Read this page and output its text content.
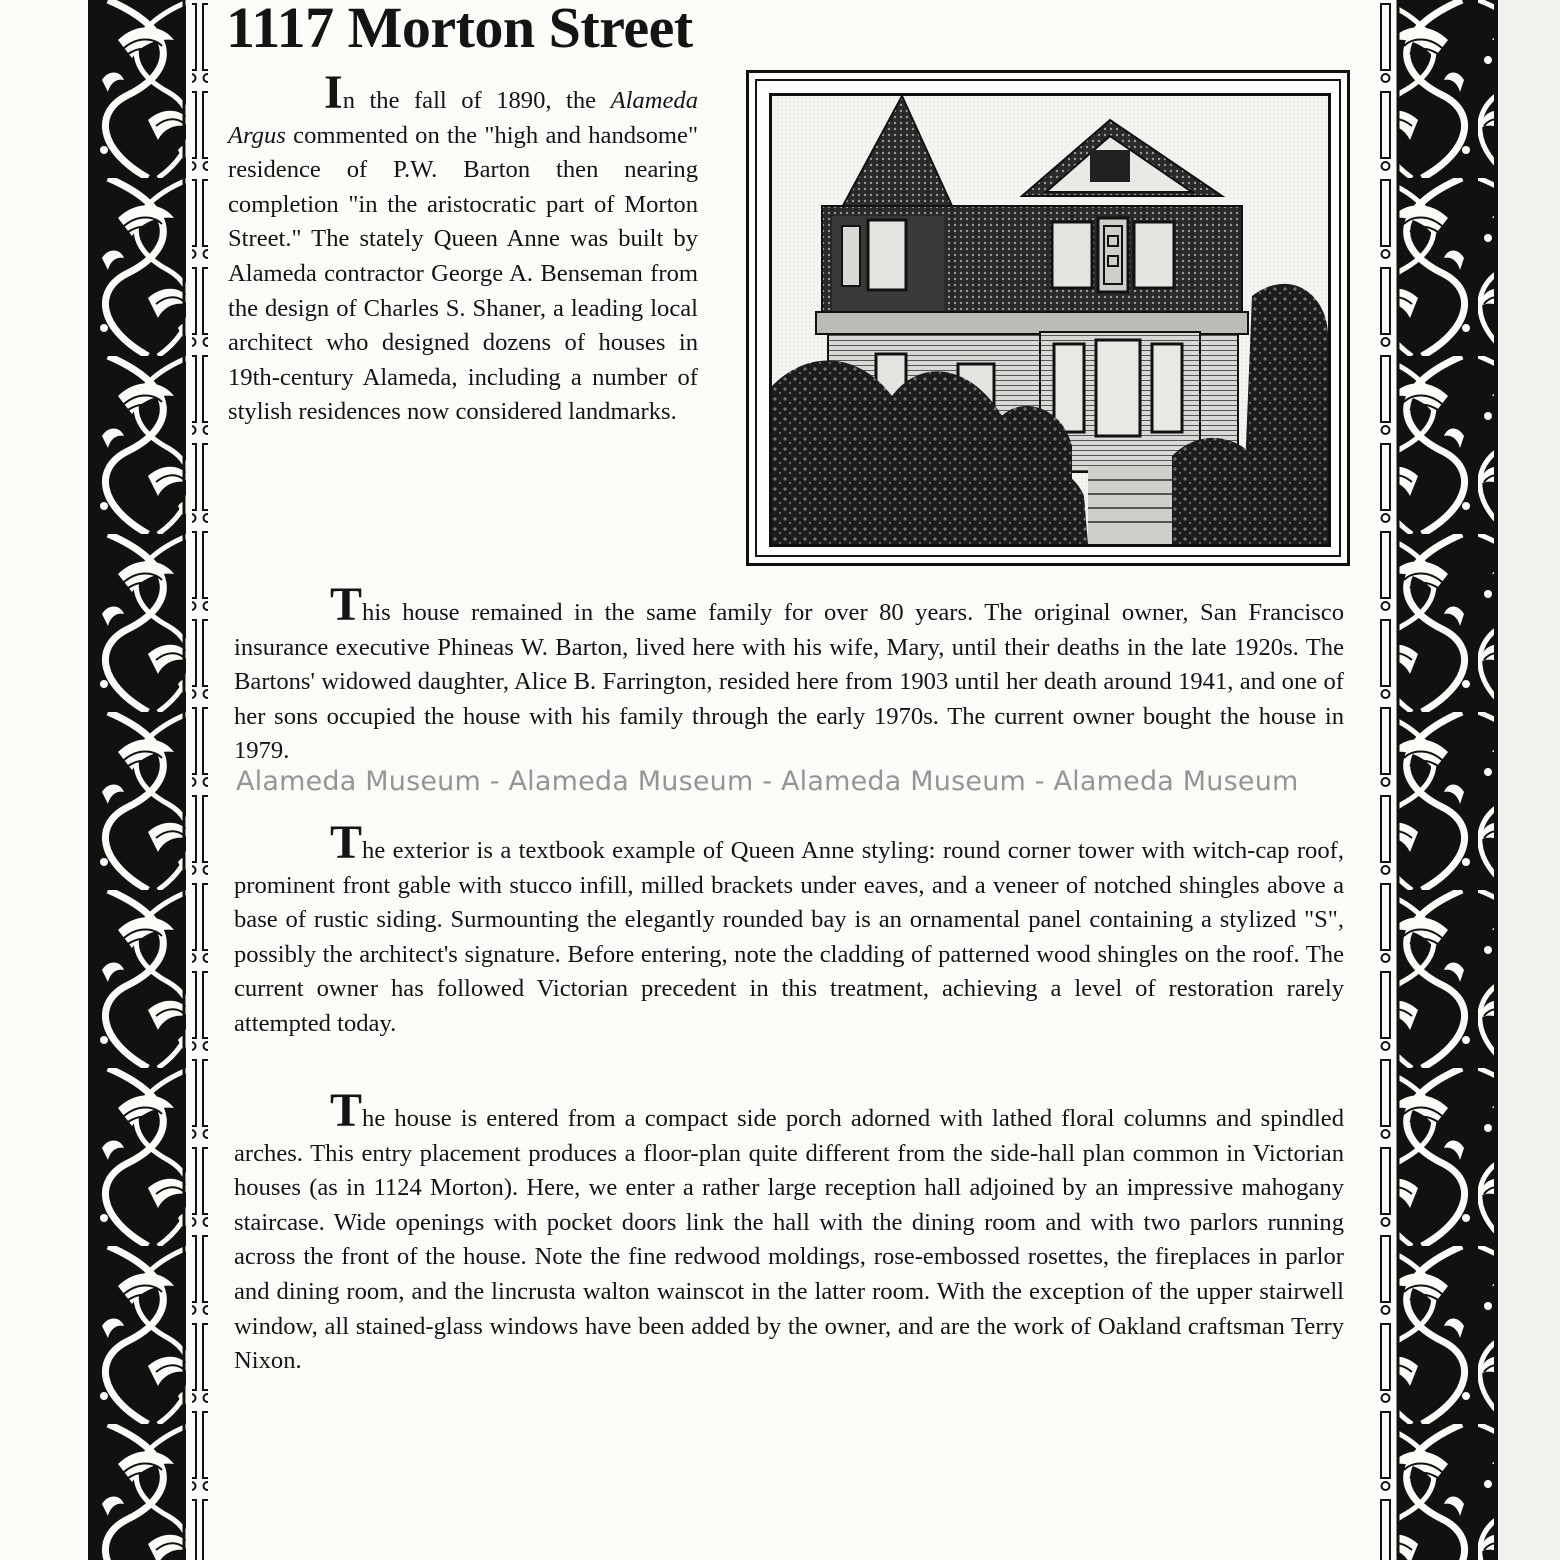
1117 Morton Street

In the fall of 1890, the Alameda Argus commented on the "high and handsome" residence of P.W. Barton then nearing completion "in the aristocratic part of Morton Street." The stately Queen Anne was built by Alameda contractor George A. Benseman from the design of Charles S. Shaner, a leading local architect who designed dozens of houses in 19th-century Alameda, including a number of stylish residences now considered landmarks.

This house remained in the same family for over 80 years. The original owner, San Francisco insurance executive Phineas W. Barton, lived here with his wife, Mary, until their deaths in the late 1920s. The Bartons' widowed daughter, Alice B. Farrington, resided here from 1903 until her death around 1941, and one of her sons occupied the house with his family through the early 1970s. The current owner bought the house in 1979.

The exterior is a textbook example of Queen Anne styling: round corner tower with witch-cap roof, prominent front gable with stucco infill, milled brackets under eaves, and a veneer of notched shingles above a base of rustic siding. Surmounting the elegantly rounded bay is an ornamental panel containing a stylized "S", possibly the architect's signature. Before entering, note the cladding of patterned wood shingles on the roof. The current owner has followed Victorian precedent in this treatment, achieving a level of restoration rarely attempted today.

The house is entered from a compact side porch adorned with lathed floral columns and spindled arches. This entry placement produces a floor-plan quite different from the side-hall plan common in Victorian houses (as in 1124 Morton). Here, we enter a rather large reception hall adjoined by an impressive mahogany staircase. Wide openings with pocket doors link the hall with the dining room and with two parlors running across the front of the house. Note the fine redwood moldings, rose-embossed rosettes, the fireplaces in parlor and dining room, and the lincrusta walton wainscot in the latter room. With the exception of the upper stairwell window, all stained-glass windows have been added by the owner, and are the work of Oakland craftsman Terry Nixon.

Alameda Museum - Alameda Museum - Alameda Museum - Alameda Museum
